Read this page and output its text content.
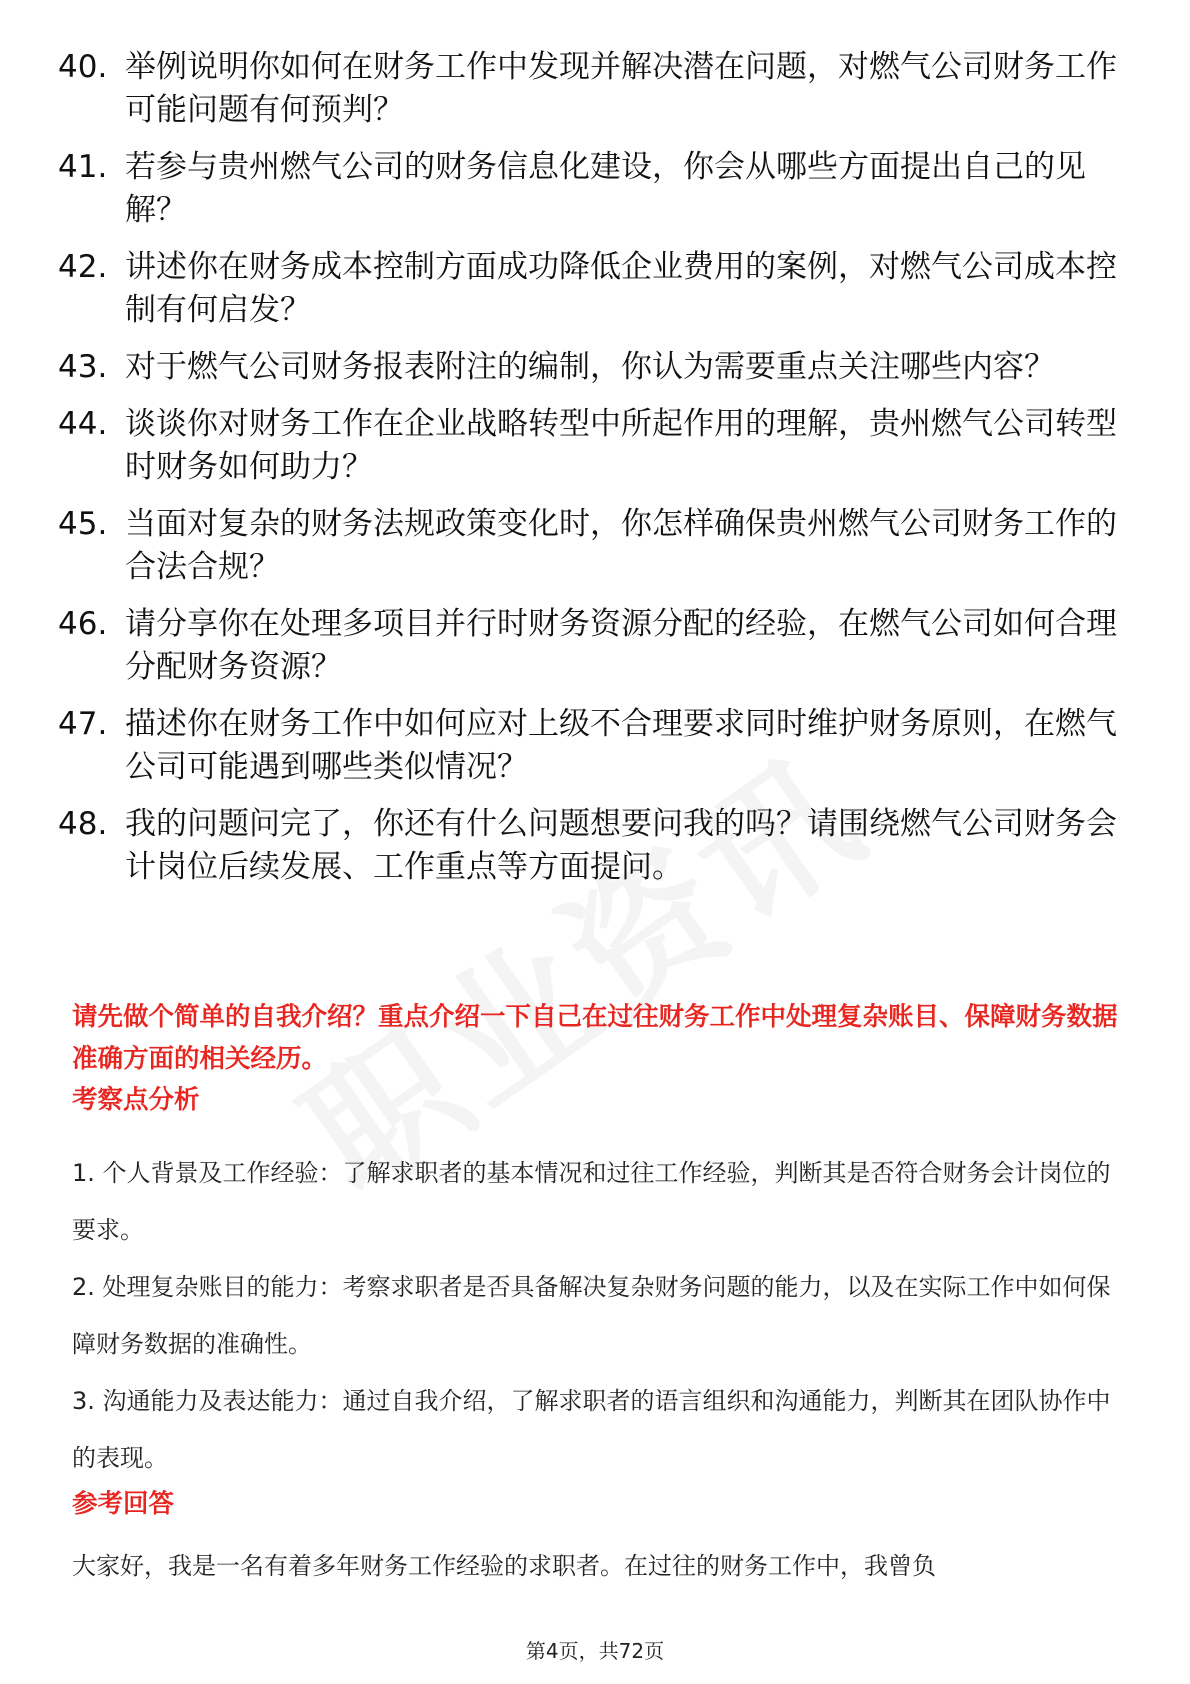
40. 举例说明你如何在财务工作中发现并解决潜在问题，对燃气公司财务工作可能问题有何预判？
41. 若参与贵州燃气公司的财务信息化建设，你会从哪些方面提出自己的见解？
42. 讲述你在财务成本控制方面成功降低企业费用的案例，对燃气公司成本控制有何启发？
43. 对于燃气公司财务报表附注的编制，你认为需要重点关注哪些内容？
44. 谈谈你对财务工作在企业战略转型中所起作用的理解，贵州燃气公司转型时财务如何助力？
45. 当面对复杂的财务法规政策变化时，你怎样确保贵州燃气公司财务工作的合法合规？
46. 请分享你在处理多项目并行时财务资源分配的经验，在燃气公司如何合理分配财务资源？
47. 描述你在财务工作中如何应对上级不合理要求同时维护财务原则，在燃气公司可能遇到哪些类似情况？
48. 我的问题问完了，你还有什么问题想要问我的吗？请围绕燃气公司财务会计岗位后续发展、工作重点等方面提问。
请先做个简单的自我介绍？重点介绍一下自己在过往财务工作中处理复杂账目、保障财务数据准确方面的相关经历。
考察点分析
1. 个人背景及工作经验：了解求职者的基本情况和过往工作经验，判断其是否符合财务会计岗位的要求。
2. 处理复杂账目的能力：考察求职者是否具备解决复杂财务问题的能力，以及在实际工作中如何保障财务数据的准确性。
3. 沟通能力及表达能力：通过自我介绍，了解求职者的语言组织和沟通能力，判断其在团队协作中的表现。
参考回答
大家好，我是一名有着多年财务工作经验的求职者。在过往的财务工作中，我曾负
第4页，共72页
